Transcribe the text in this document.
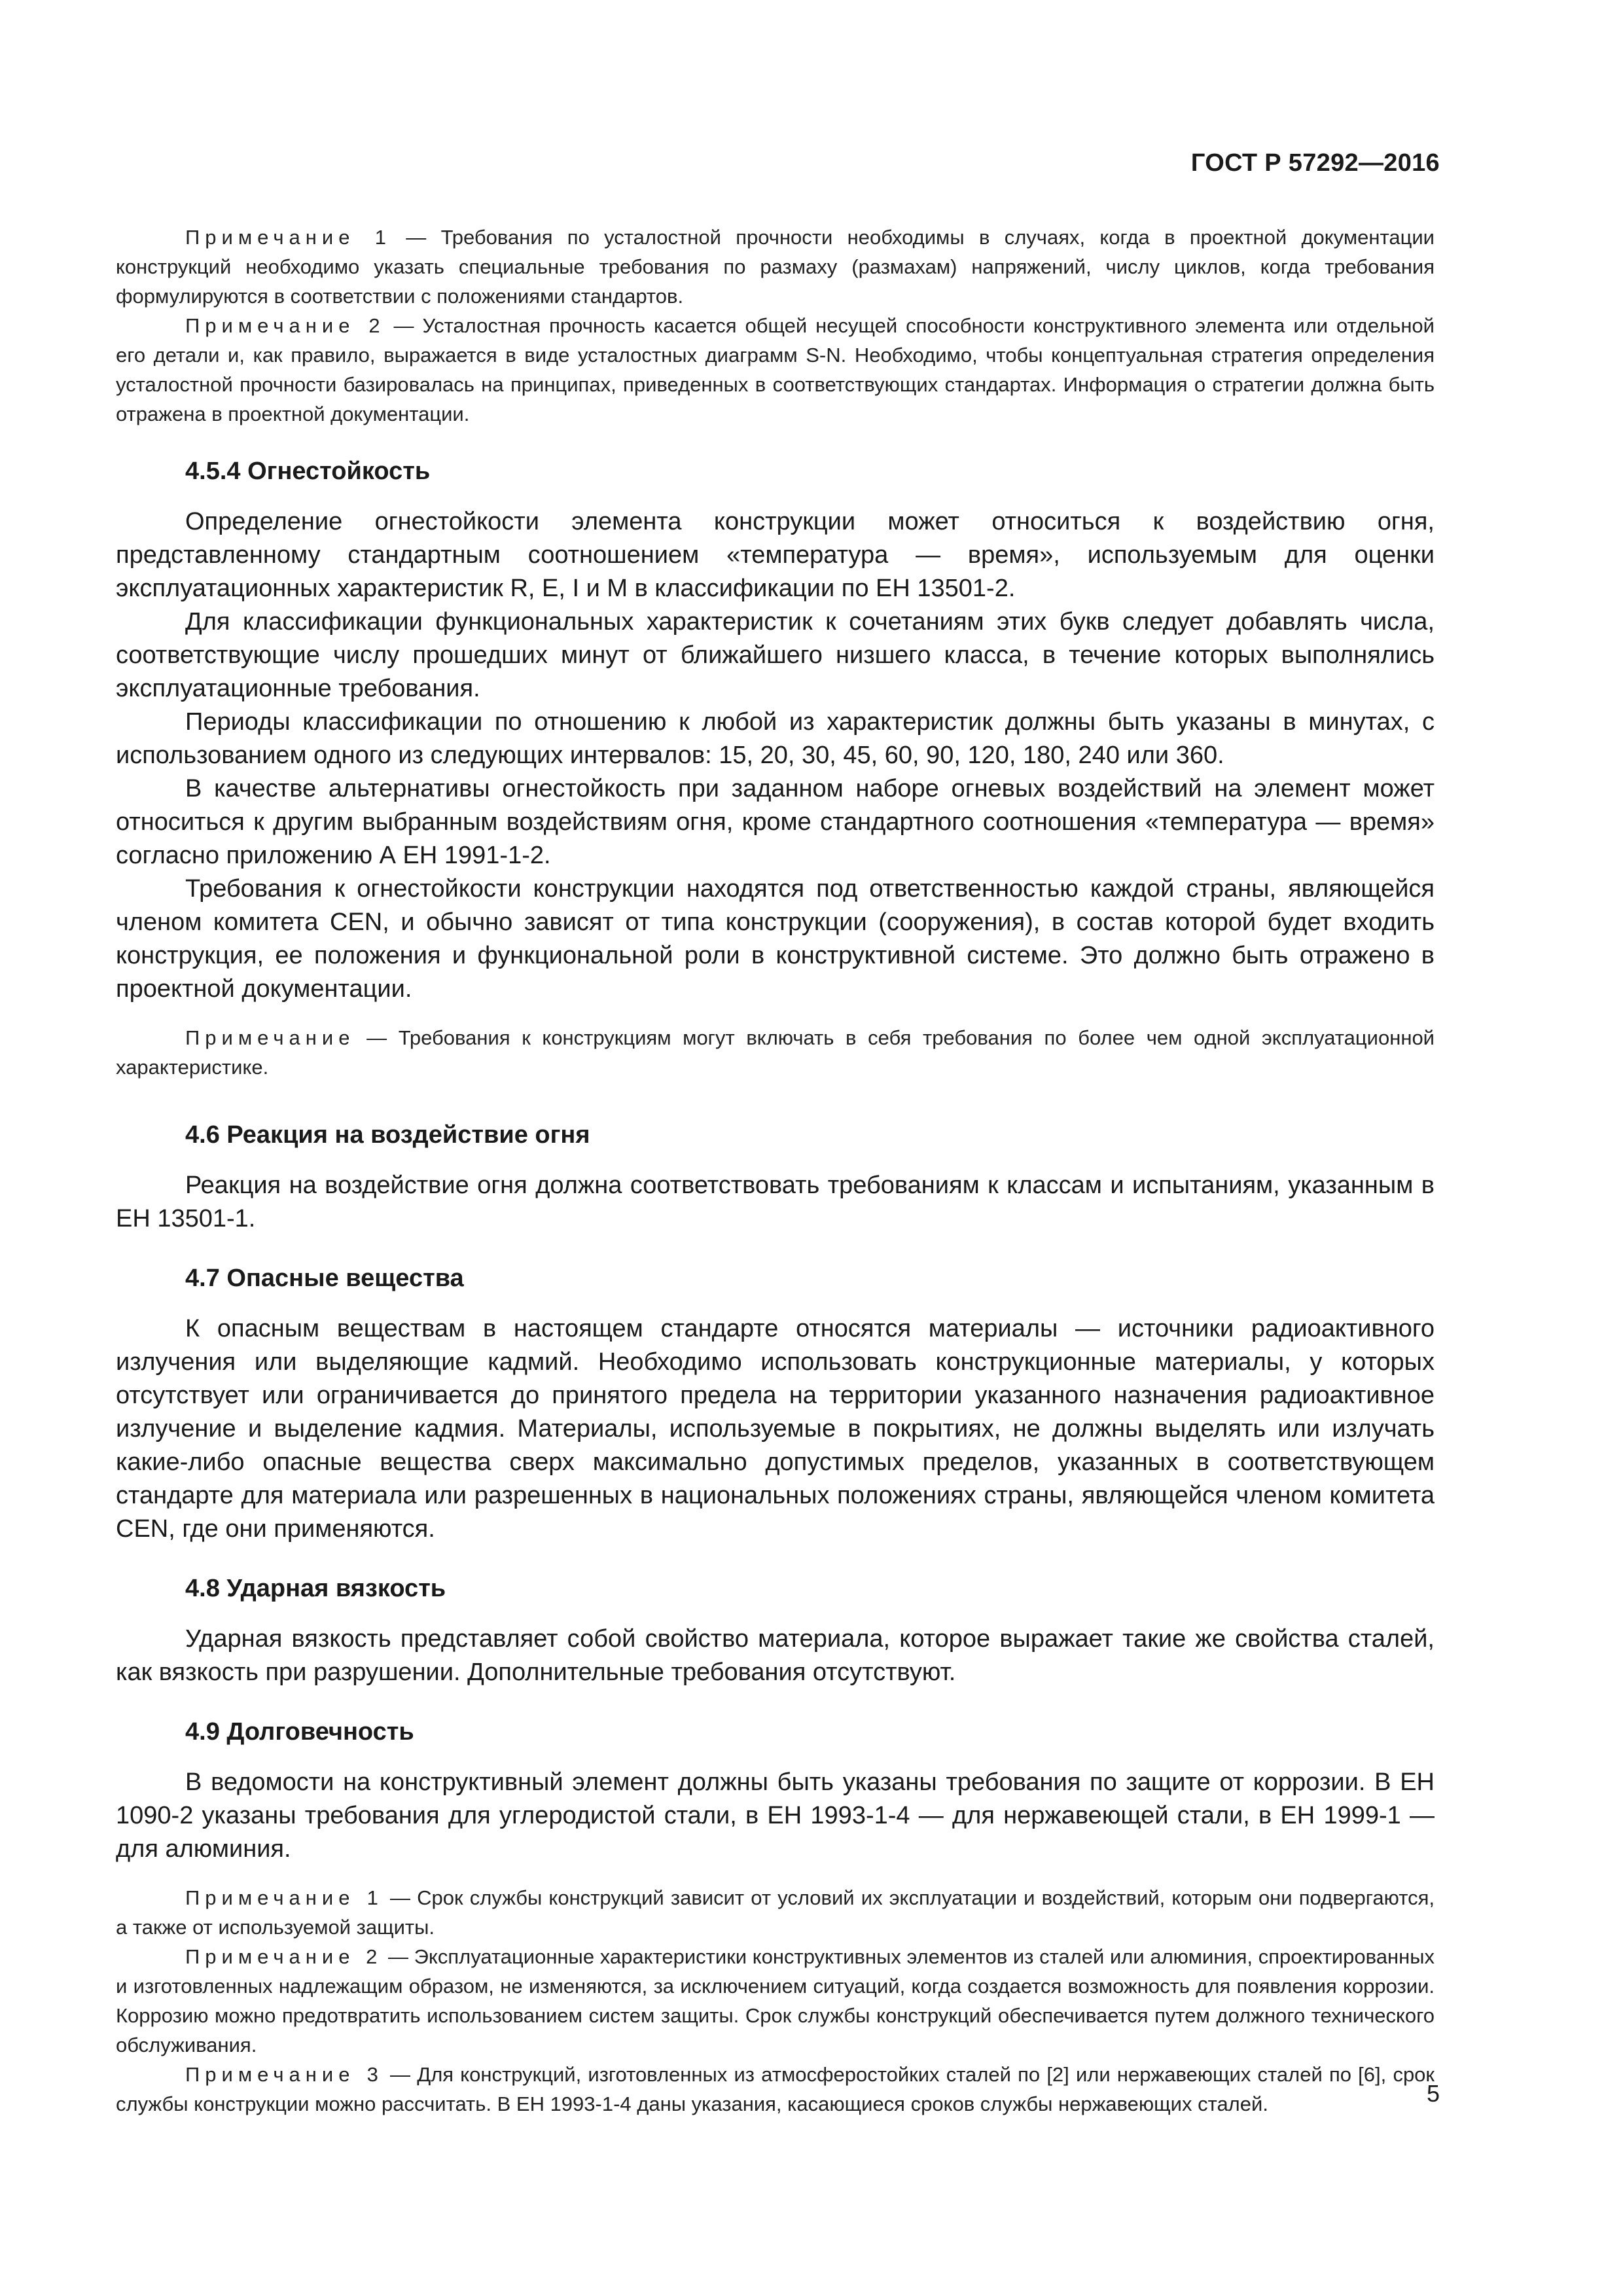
ГОСТ Р 57292—2016

Примечание 1 — Требования по усталостной прочности необходимы в случаях, когда в проектной документации конструкций необходимо указать специальные требования по размаху (размахам) напряжений, числу циклов, когда требования формулируются в соответствии с положениями стандартов.

Примечание 2 — Усталостная прочность касается общей несущей способности конструктивного элемента или отдельной его детали и, как правило, выражается в виде усталостных диаграмм S-N. Необходимо, чтобы концептуальная стратегия определения усталостной прочности базировалась на принципах, приведенных в соответствующих стандартах. Информация о стратегии должна быть отражена в проектной документации.

4.5.4 Огнестойкость

Определение огнестойкости элемента конструкции может относиться к воздействию огня, представленному стандартным соотношением «температура — время», используемым для оценки эксплуатационных характеристик R, E, I и M в классификации по ЕН 13501-2.

Для классификации функциональных характеристик к сочетаниям этих букв следует добавлять числа, соответствующие числу прошедших минут от ближайшего низшего класса, в течение которых выполнялись эксплуатационные требования.

Периоды классификации по отношению к любой из характеристик должны быть указаны в минутах, с использованием одного из следующих интервалов: 15, 20, 30, 45, 60, 90, 120, 180, 240 или 360.

В качестве альтернативы огнестойкость при заданном наборе огневых воздействий на элемент может относиться к другим выбранным воздействиям огня, кроме стандартного соотношения «температура — время» согласно приложению А ЕН 1991-1-2.

Требования к огнестойкости конструкции находятся под ответственностью каждой страны, являющейся членом комитета CEN, и обычно зависят от типа конструкции (сооружения), в состав которой будет входить конструкция, ее положения и функциональной роли в конструктивной системе. Это должно быть отражено в проектной документации.

Примечание — Требования к конструкциям могут включать в себя требования по более чем одной эксплуатационной характеристике.

4.6 Реакция на воздействие огня

Реакция на воздействие огня должна соответствовать требованиям к классам и испытаниям, указанным в ЕН 13501-1.

4.7 Опасные вещества

К опасным веществам в настоящем стандарте относятся материалы — источники радиоактивного излучения или выделяющие кадмий. Необходимо использовать конструкционные материалы, у которых отсутствует или ограничивается до принятого предела на территории указанного назначения радиоактивное излучение и выделение кадмия. Материалы, используемые в покрытиях, не должны выделять или излучать какие-либо опасные вещества сверх максимально допустимых пределов, указанных в соответствующем стандарте для материала или разрешенных в национальных положениях страны, являющейся членом комитета CEN, где они применяются.

4.8 Ударная вязкость

Ударная вязкость представляет собой свойство материала, которое выражает такие же свойства сталей, как вязкость при разрушении. Дополнительные требования отсутствуют.

4.9 Долговечность

В ведомости на конструктивный элемент должны быть указаны требования по защите от коррозии. В ЕН 1090-2 указаны требования для углеродистой стали, в ЕН 1993-1-4 — для нержавеющей стали, в ЕН 1999-1 — для алюминия.

Примечание 1 — Срок службы конструкций зависит от условий их эксплуатации и воздействий, которым они подвергаются, а также от используемой защиты.

Примечание 2 — Эксплуатационные характеристики конструктивных элементов из сталей или алюминия, спроектированных и изготовленных надлежащим образом, не изменяются, за исключением ситуаций, когда создается возможность для появления коррозии. Коррозию можно предотвратить использованием систем защиты. Срок службы конструкций обеспечивается путем должного технического обслуживания.

Примечание 3 — Для конструкций, изготовленных из атмосферостойких сталей по [2] или нержавеющих сталей по [6], срок службы конструкции можно рассчитать. В ЕН 1993-1-4 даны указания, касающиеся сроков службы нержавеющих сталей.	5
